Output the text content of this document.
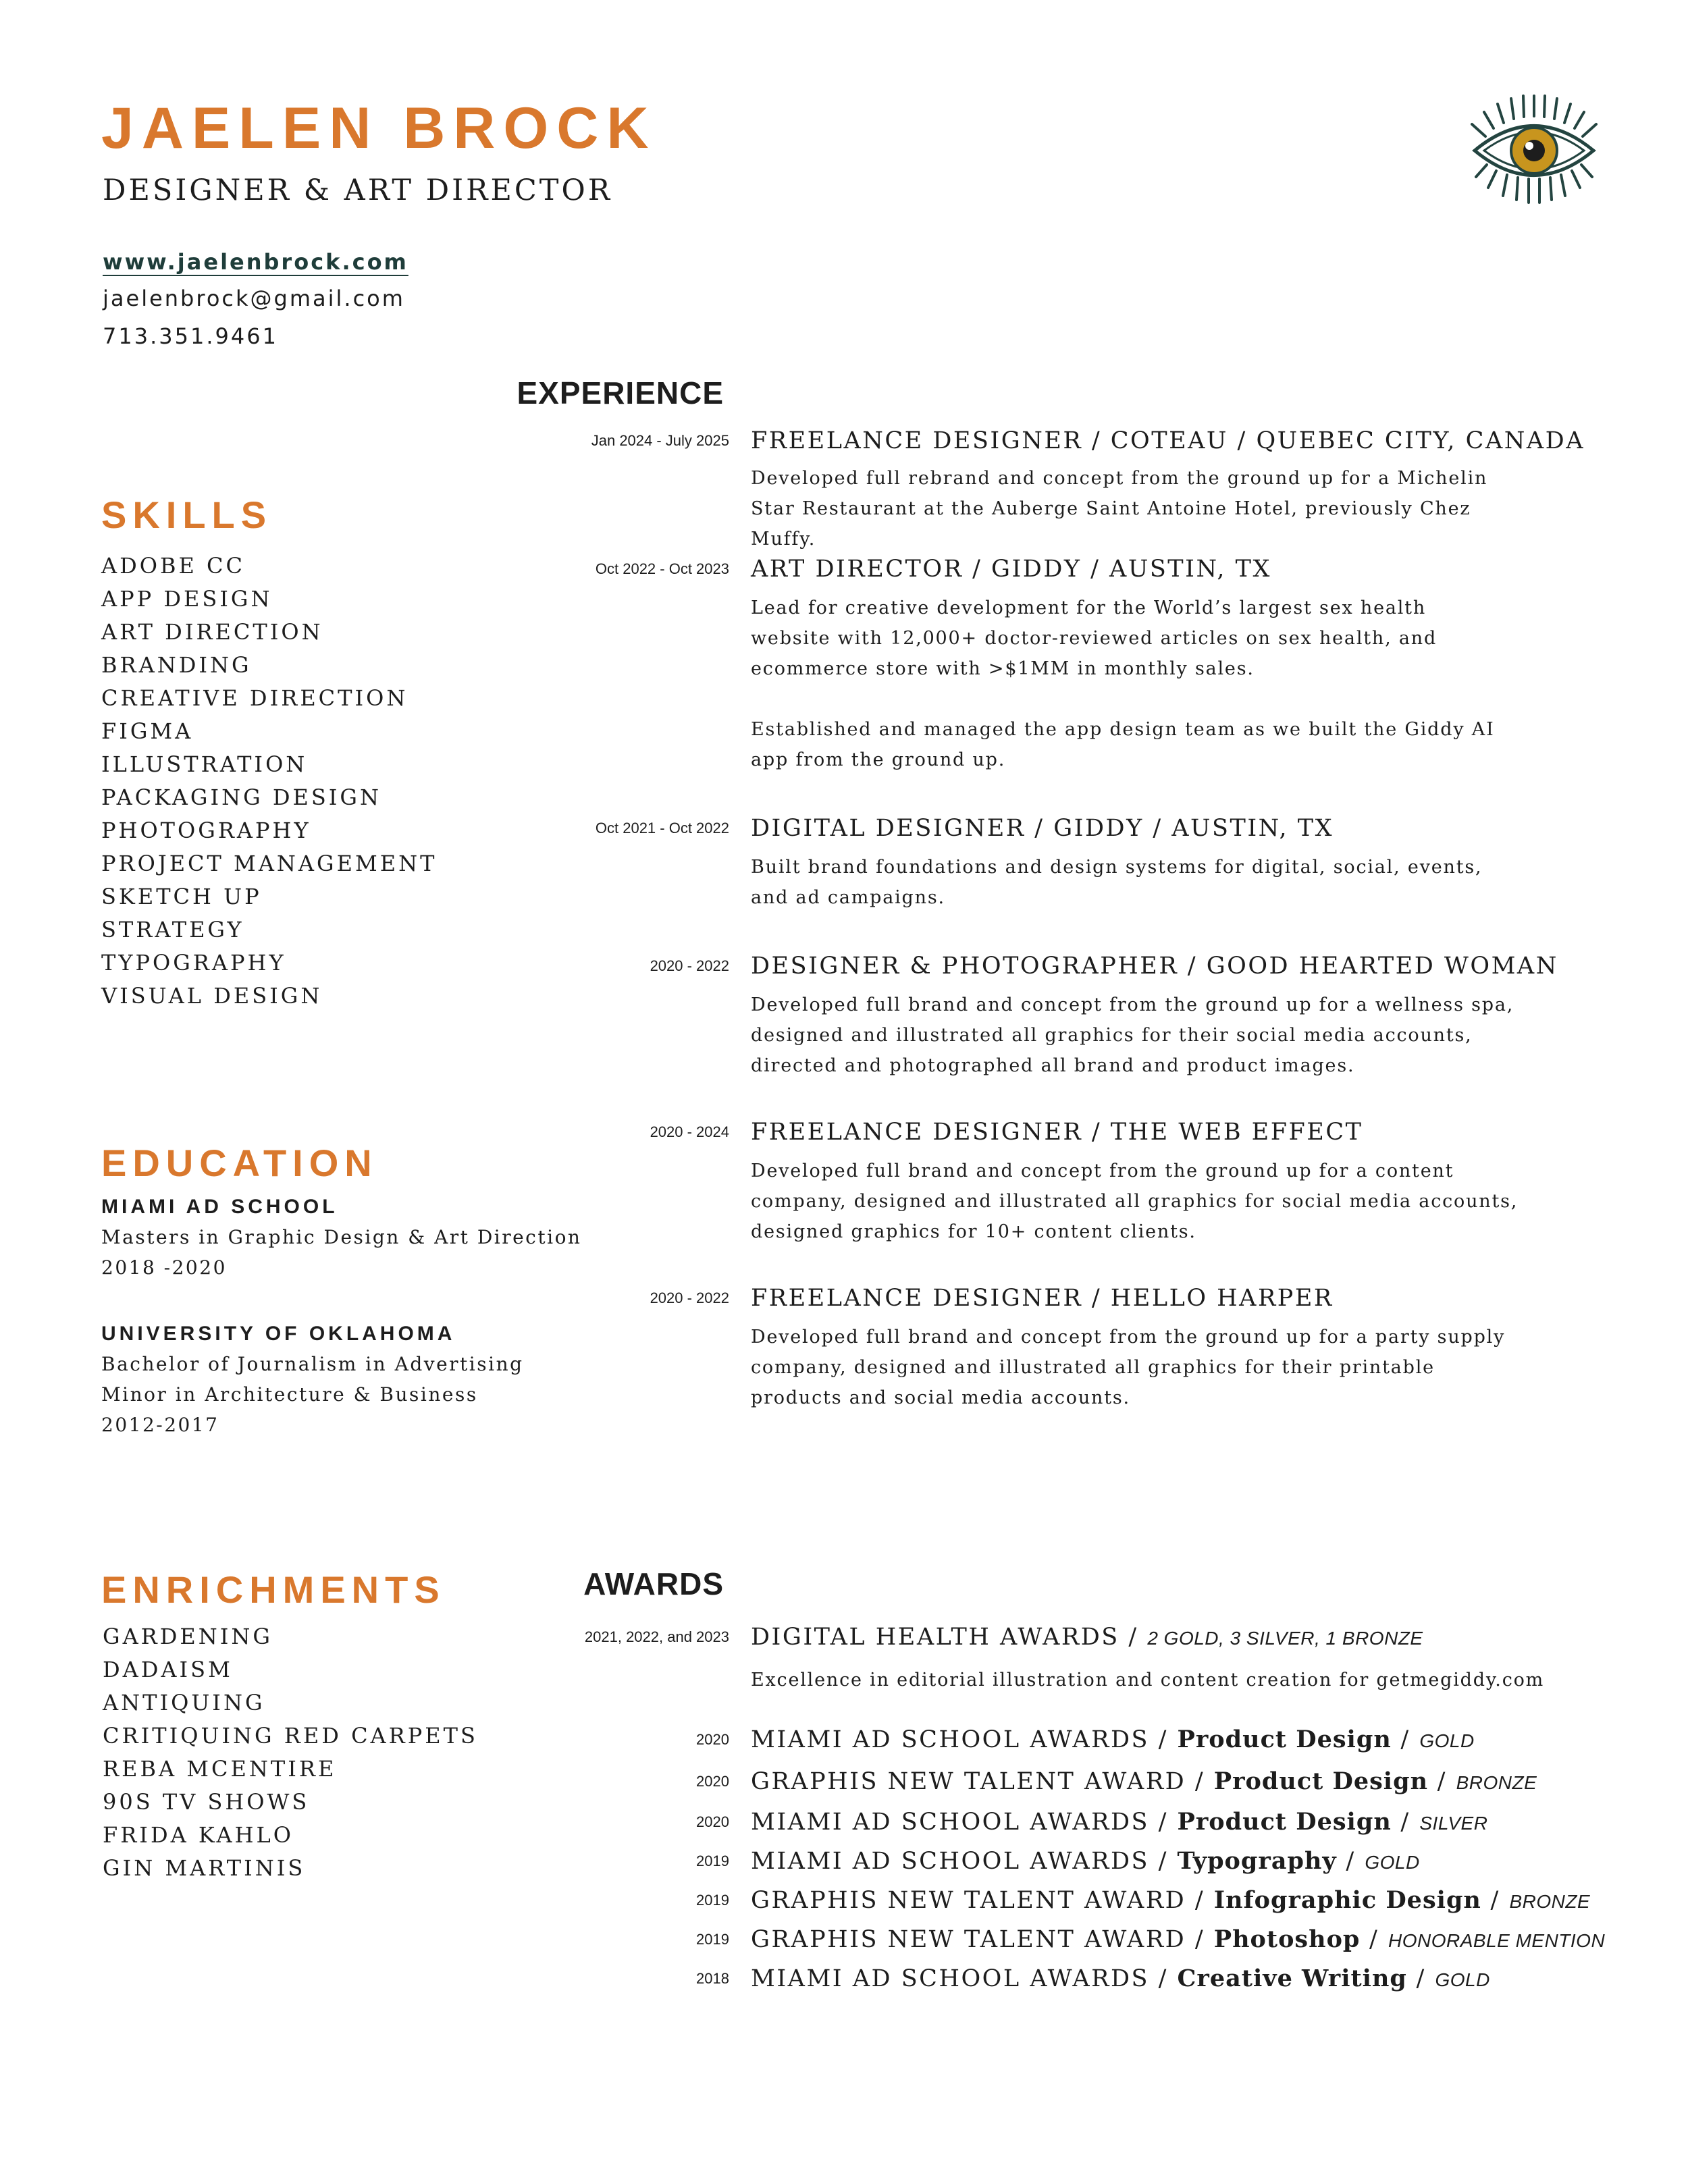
JAELEN BROCK
DESIGNER & ART DIRECTOR
www.jaelenbrock.com
jaelenbrock@gmail.com
713.351.9461
SKILLS
ADOBE CC
APP DESIGN
ART DIRECTION
BRANDING
CREATIVE DIRECTION
FIGMA
ILLUSTRATION
PACKAGING DESIGN
PHOTOGRAPHY
PROJECT MANAGEMENT
SKETCH UP
STRATEGY
TYPOGRAPHY
VISUAL DESIGN
EDUCATION
MIAMI AD SCHOOL
Masters in Graphic Design & Art Direction
2018 -2020
UNIVERSITY OF OKLAHOMA
Bachelor of Journalism in Advertising
Minor in Architecture & Business
2012-2017
ENRICHMENTS
GARDENING
DADAISM
ANTIQUING
CRITIQUING RED CARPETS
REBA MCENTIRE
90S TV SHOWS
FRIDA KAHLO
GIN MARTINIS
EXPERIENCE
Jan 2024 - July 2025 FREELANCE DESIGNER / COTEAU / QUEBEC CITY, CANADA

Developed full rebrand and concept from the ground up for a Michelin Star Restaurant at the Auberge Saint Antoine Hotel, previously Chez Muffy.

Oct 2022 - Oct 2023 ART DIRECTOR / GIDDY / AUSTIN, TX

Lead for creative development for the World’s largest sex health website with 12,000+ doctor-reviewed articles on sex health, and ecommerce store with >$1MM in monthly sales.

Established and managed the app design team as we built the Giddy AI app from the ground up.

Oct 2021 - Oct 2022 DIGITAL DESIGNER / GIDDY / AUSTIN, TX

Built brand foundations and design systems for digital, social, events, and ad campaigns.

2020 - 2022 DESIGNER & PHOTOGRAPHER / GOOD HEARTED WOMAN

Developed full brand and concept from the ground up for a wellness spa, designed and illustrated all graphics for their social media accounts, directed and photographed all brand and product images.

2020 - 2024 FREELANCE DESIGNER / THE WEB EFFECT

Developed full brand and concept from the ground up for a content company, designed and illustrated all graphics for social media accounts, designed graphics for 10+ content clients.

2020 - 2022 FREELANCE DESIGNER / HELLO HARPER

Developed full brand and concept from the ground up for a party supply company, designed and illustrated all graphics for their printable products and social media accounts.

AWARDS
2021, 2022, and 2023 DIGITAL HEALTH AWARDS / 2 GOLD, 3 SILVER, 1 BRONZE
Excellence in editorial illustration and content creation for getmegiddy.com
2020 MIAMI AD SCHOOL AWARDS / Product Design / GOLD
2020 GRAPHIS NEW TALENT AWARD / Product Design / BRONZE
2020 MIAMI AD SCHOOL AWARDS / Product Design / SILVER
2019 MIAMI AD SCHOOL AWARDS / Typography / GOLD
2019 GRAPHIS NEW TALENT AWARD / Infographic Design / BRONZE
2019 GRAPHIS NEW TALENT AWARD / Photoshop / HONORABLE MENTION
2018 MIAMI AD SCHOOL AWARDS / Creative Writing / GOLD
